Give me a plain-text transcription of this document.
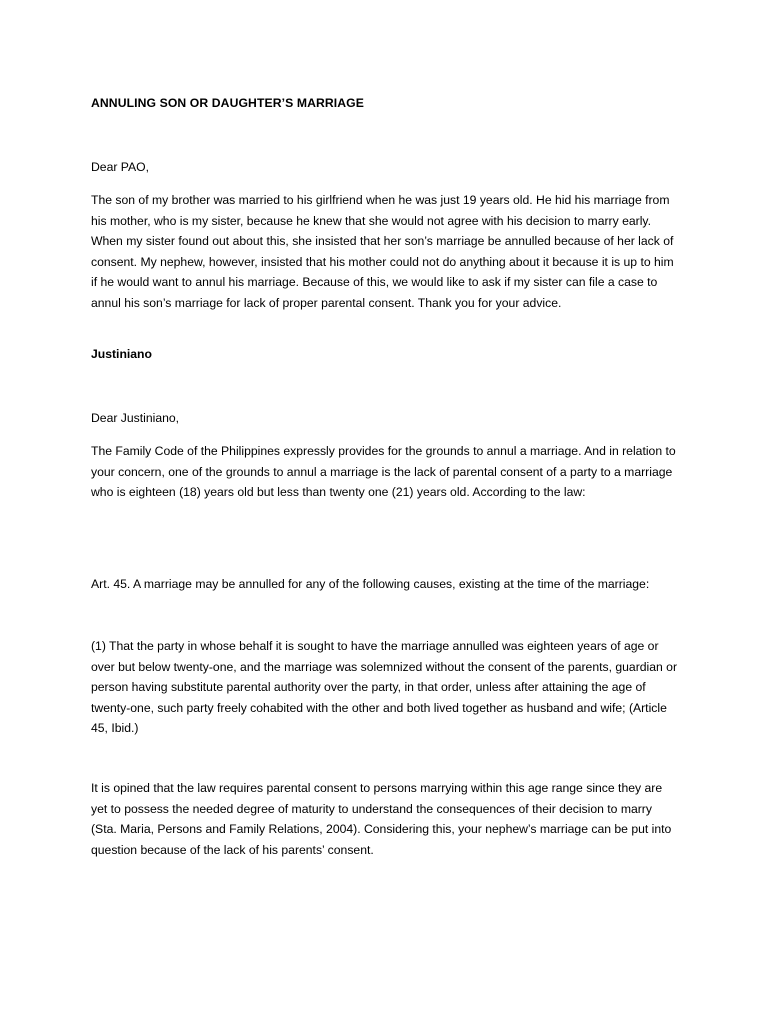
ANNULING SON OR DAUGHTER’S MARRIAGE

Dear PAO,

The son of my brother was married to his girlfriend when he was just 19 years old. He hid his marriage from his mother, who is my sister, because he knew that she would not agree with his decision to marry early. When my sister found out about this, she insisted that her son’s marriage be annulled because of her lack of consent. My nephew, however, insisted that his mother could not do anything about it because it is up to him if he would want to annul his marriage. Because of this, we would like to ask if my sister can file a case to annul his son’s marriage for lack of proper parental consent. Thank you for your advice.

Justiniano

Dear Justiniano,

The Family Code of the Philippines expressly provides for the grounds to annul a marriage. And in relation to your concern, one of the grounds to annul a marriage is the lack of parental consent of a party to a marriage who is eighteen (18) years old but less than twenty one (21) years old. According to the law:

Art. 45. A marriage may be annulled for any of the following causes, existing at the time of the marriage:

(1) That the party in whose behalf it is sought to have the marriage annulled was eighteen years of age or over but below twenty-one, and the marriage was solemnized without the consent of the parents, guardian or person having substitute parental authority over the party, in that order, unless after attaining the age of twenty-one, such party freely cohabited with the other and both lived together as husband and wife; (Article 45, Ibid.)

It is opined that the law requires parental consent to persons marrying within this age range since they are yet to possess the needed degree of maturity to understand the consequences of their decision to marry (Sta. Maria, Persons and Family Relations, 2004). Considering this, your nephew’s marriage can be put into question because of the lack of his parents’ consent.
